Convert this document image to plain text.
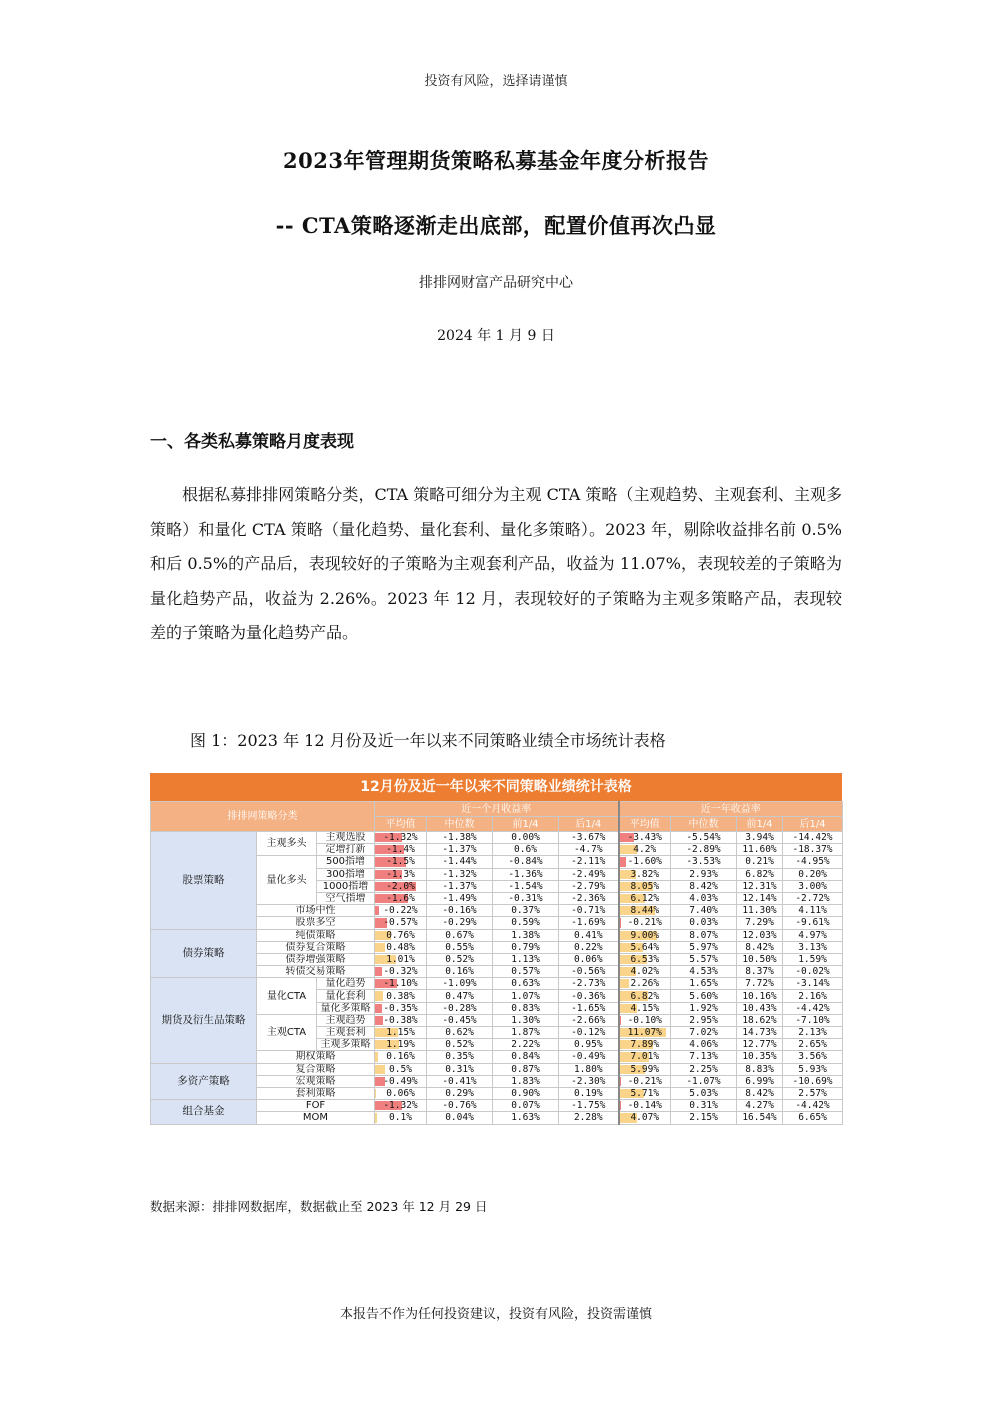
投资有风险，选择请谨慎
2023年管理期货策略私募基金年度分析报告
-- CTA策略逐渐走出底部，配置价值再次凸显
排排网财富产品研究中心
2024 年 1 月 9 日
一、各类私募策略月度表现

根据私募排排网策略分类，CTA 策略可细分为主观 CTA 策略（主观趋势、主观套利、主观多策略）和量化 CTA 策略（量化趋势、量化套利、量化多策略）。2023 年，剔除收益排名前 0.5%和后 0.5%的产品后，表现较好的子策略为主观套利产品，收益为 11.07%，表现较差的子策略为量化趋势产品，收益为 2.26%。2023 年 12 月，表现较好的子策略为主观多策略产品，表现较差的子策略为量化趋势产品。

图 1：2023 年 12 月份及近一年以来不同策略业绩全市场统计表格
12月份及近一年以来不同策略业绩统计表格
排排网策略分类			近一个月收益率				近一年收益率			
			平均值	中位数	前1/4	后1/4	平均值	中位数	前1/4	后1/4
股票策略	主观多头	主观选股	-1.32%	-1.38%	0.00%	-3.67%	-3.43%	-5.54%	3.94%	-14.42%
		定增打新	-1.4%	-1.37%	0.6%	-4.7%	4.2%	-2.89%	11.60%	-18.37%
	量化多头	500指增	-1.5%	-1.44%	-0.84%	-2.11%	-1.60%	-3.53%	0.21%	-4.95%
		300指增	-1.3%	-1.32%	-1.36%	-2.49%	3.82%	2.93%	6.82%	0.20%
		1000指增	-2.0%	-1.37%	-1.54%	-2.79%	8.05%	8.42%	12.31%	3.00%
		空气指增	-1.6%	-1.49%	-0.31%	-2.36%	6.12%	4.03%	12.14%	-2.72%
	市场中性		-0.22%	-0.16%	0.37%	-0.71%	8.44%	7.40%	11.30%	4.11%
	股票多空		-0.57%	-0.29%	0.59%	-1.69%	-0.21%	0.03%	7.29%	-9.61%
债券策略	纯债策略		0.76%	0.67%	1.38%	0.41%	9.00%	8.07%	12.03%	4.97%
	债券复合策略		0.48%	0.55%	0.79%	0.22%	5.64%	5.97%	8.42%	3.13%
	债券增强策略		1.01%	0.52%	1.13%	0.06%	6.53%	5.57%	10.50%	1.59%
	转债交易策略		-0.32%	0.16%	0.57%	-0.56%	4.02%	4.53%	8.37%	-0.02%
期货及衍生品策略	量化CTA	量化趋势	-1.10%	-1.09%	0.63%	-2.73%	2.26%	1.65%	7.72%	-3.14%
		量化套利	0.38%	0.47%	1.07%	-0.36%	6.82%	5.60%	10.16%	2.16%
		量化多策略	-0.35%	-0.28%	0.83%	-1.65%	4.15%	1.92%	10.43%	-4.42%
	主观CTA	主观趋势	-0.38%	-0.45%	1.30%	-2.66%	-0.10%	2.95%	18.62%	-7.10%
		主观套利	1.15%	0.62%	1.87%	-0.12%	11.07%	7.02%	14.73%	2.13%
		主观多策略	1.19%	0.52%	2.22%	0.95%	7.89%	4.06%	12.77%	2.65%
	期权策略		0.16%	0.35%	0.84%	-0.49%	7.01%	7.13%	10.35%	3.56%
多资产策略	复合策略		0.5%	0.31%	0.87%	1.80%	5.99%	2.25%	8.83%	5.93%
	宏观策略		-0.49%	-0.41%	1.83%	-2.30%	-0.21%	-1.07%	6.99%	-10.69%
	套利策略		0.06%	0.29%	0.90%	0.19%	5.71%	5.03%	8.42%	2.57%
组合基金	FOF		-1.32%	-0.76%	0.07%	-1.75%	-0.14%	0.31%	4.27%	-4.42%
	MOM		0.1%	0.04%	1.63%	2.28%	4.07%	2.15%	16.54%	6.65%
数据来源：排排网数据库，数据截止至 2023 年 12 月 29 日
本报告不作为任何投资建议，投资有风险，投资需谨慎
